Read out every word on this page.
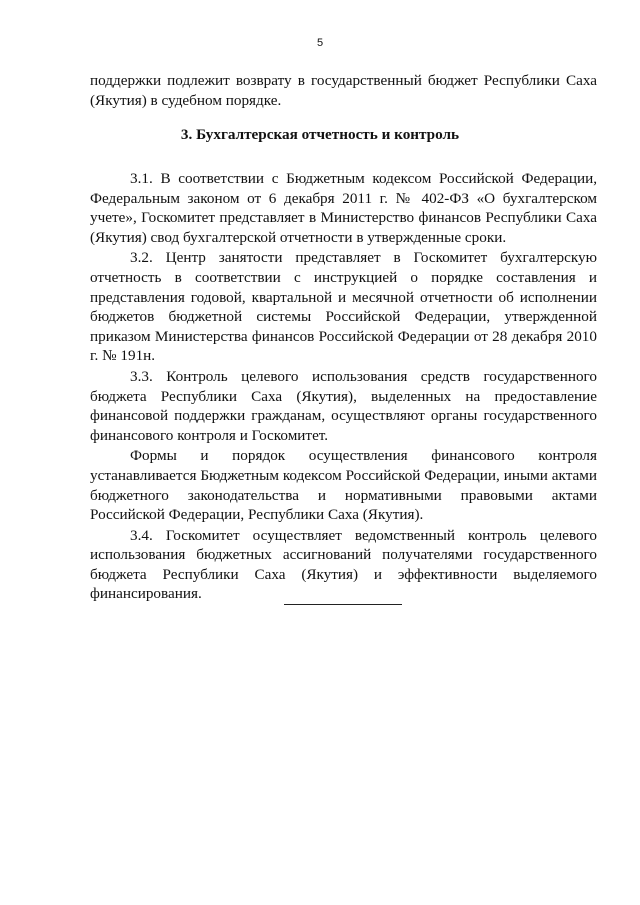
5

поддержки подлежит возврату в государственный бюджет Республики Саха (Якутия) в судебном порядке.

3. Бухгалтерская отчетность и контроль

3.1. В соответствии с Бюджетным кодексом Российской Федерации, Федеральным законом от 6 декабря 2011 г. № 402-ФЗ «О бухгалтерском учете», Госкомитет представляет в Министерство финансов Республики Саха (Якутия) свод бухгалтерской отчетности в утвержденные сроки.

3.2. Центр занятости представляет в Госкомитет бухгалтерскую отчетность в соответствии с инструкцией о порядке составления и представления годовой, квартальной и месячной отчетности об исполнении бюджетов бюджетной системы Российской Федерации, утвержденной приказом Министерства финансов Российской Федерации от 28 декабря 2010 г. № 191н.

3.3. Контроль целевого использования средств государственного бюджета Республики Саха (Якутия), выделенных на предоставление финансовой поддержки гражданам, осуществляют органы государственного финансового контроля и Госкомитет.

Формы и порядок осуществления финансового контроля устанавливается Бюджетным кодексом Российской Федерации, иными актами бюджетного законодательства и нормативными правовыми актами Российской Федерации, Республики Саха (Якутия).

3.4. Госкомитет осуществляет ведомственный контроль целевого использования бюджетных ассигнований получателями государственного бюджета Республики Саха (Якутия) и эффективности выделяемого финансирования.
